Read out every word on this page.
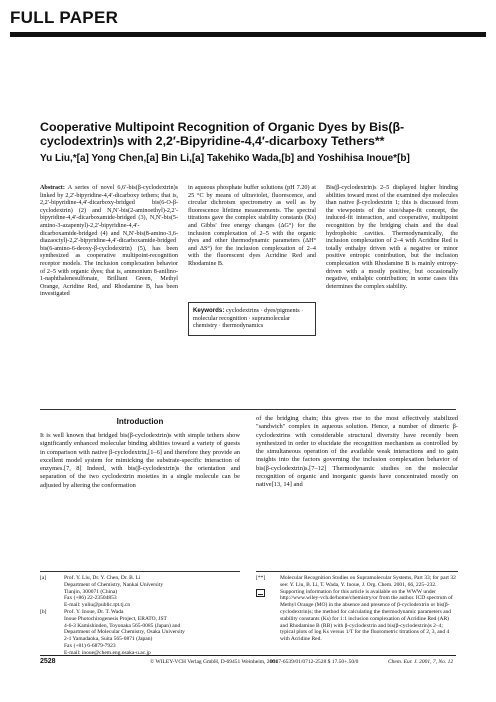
FULL PAPER
Cooperative Multipoint Recognition of Organic Dyes by Bis(β-cyclodextrin)s with 2,2′-Bipyridine-4,4′-dicarboxy Tethers**
Yu Liu,*[a] Yong Chen,[a] Bin Li,[a] Takehiko Wada,[b] and Yoshihisa Inoue*[b]
Abstract: A series of novel 6,6′-bis(β-cyclodextrin)s linked by 2,2′-bipyridine-4,4′-dicarboxy tethers; that is, 2,2′-bipyridine-4,4′-dicarboxy-bridged bis(6-O-β-cyclodextrin) (2) and N,N′-bis(2-aminoethyl)-2,2′-bipyridine-4,4′-dicarboxamide-bridged (3), N,N′-bis(5-amino-3-azapentyl)-2,2′-bipyridine-4,4′-dicarboxamide-bridged (4) and N,N′-bis(8-amino-3,6-diazaoctyl)-2,2′-bipyridine-4,4′-dicarboxamide-bridged bis(6-amino-6-deoxy-β-cyclodextrin) (5), has been synthesized as cooperative multipoint-recognition receptor models. The inclusion complexation behavior of 2–5 with organic dyes; that is, ammonium 8-anilino-1-naphthalenesulfonate, Brilliant Green, Methyl Orange, Acridine Red, and Rhodamine B, has been investigated
in aqueous phosphate buffer solutions (pH 7.20) at 25 °C by means of ultraviolet, fluorescence, and circular dichroism spectrometry as well as by fluorescence lifetime measurements. The spectral titrations gave the complex stability constants (Ks) and Gibbs' free energy changes (ΔG°) for the inclusion complexation of 2–5 with the organic dyes and other thermodynamic parameters (ΔH° and ΔS°) for the inclusion complexation of 2–4 with the fluorescent dyes Acridine Red and Rhodamine B.
Bis(β-cyclodextrin)s 2–5 displayed higher binding abilities toward most of the examined dye molecules than native β-cyclodextrin 1; this is discussed from the viewpoints of the size/shape-fit concept, the induced-fit interaction, and cooperative, multipoint recognition by the bridging chain and the dual hydrophobic cavities. Thermodynamically, the inclusion complexation of 2–4 with Acridine Red is totally enthalpy driven with a negative or minor positive entropic contribution, but the inclusion complexation with Rhodamine B is mainly entropy-driven with a mostly positive, but occasionally negative, enthalpic contribution; in some cases this determines the complex stability.
Keywords: cyclodextrins · dyes/pigments · molecular recognition · supramolecular chemistry · thermodynamics
Introduction
It is well known that bridged bis(β-cyclodextrin)s with simple tethers show significantly enhanced molecular binding abilities toward a variety of guests in comparison with native β-cyclodextrin,[1–6] and therefore they provide an excellent model system for mimicking the substrate-specific interaction of enzymes.[7, 8] Indeed, with bis(β-cyclodextrin)s the orientation and separation of the two cyclodextrin moieties in a single molecule can be adjusted by altering the conformation
of the bridging chain; this gives rise to the most effectively stabilized "sandwich" complex in aqueous solution. Hence, a number of dimeric β-cyclodextrins with considerable structural diversity have recently been synthesized in order to elucidate the recognition mechanism as controlled by the simultaneous operation of the available weak interactions and to gain insights into the factors governing the inclusion complexation behavior of bis(β-cyclodextrin)s.[7–12] Thermodynamic studies on the molecular recognition of organic and inorganic guests have concentrated mostly on native[13, 14] and
[a]	Prof. Y. Liu, Dr. Y. Chen, Dr. B. Li
Department of Chemistry, Nankai University
Tianjin, 300071 (China)
Fax (+86) 22-23504853
E-mail: yuliu@public.tpt.tj.cn
[b]	Prof. Y. Inoue, Dr. T. Wada
Inoue Photochirogenesis Project, ERATO, JST
4-6-3 Kamishinden, Toyonaka 565-0085 (Japan) and
Department of Molecular Chemistry, Osaka University
2-1 Yamadaoka, Suita 565-0871 (Japan)
Fax (+81) 6-6879-7923
E-mail: inoue@chem.eng.osaka-u.ac.jp
[**]	Molecular Recognition Studies on Supramolecular Systems, Part 33; for part 32 see: Y. Liu, B. Li, T. Wada, Y. Inoue, J. Org. Chem. 2001, 66, 225–232.
Supporting information for this article is available on the WWW under http://www.wiley-vch.de/home/chemistry/or from the author. ICD spectrum of Methyl Orange (MO) in the absence and presence of β-cyclodextrin or bis(β-cyclodextrin)s; the method for calculating the thermodynamic parameters and stability constants (Ks) for 1:1 inclusion complexation of Acridine Red (AR) and Rhodamine B (RB) with β-cyclodextrin and bis(β-cyclodextrin)s 2–4; typical plots of log Ks versus 1/T for the fluorometric titrations of 2, 3, and 4 with Acridine Red.
2528	© WILEY-VCH Verlag GmbH, D-69451 Weinheim, 2001
0947-6539/01/0712-2528 $ 17.50+.50/0	Chem. Eur. J. 2001, 7, No. 12
